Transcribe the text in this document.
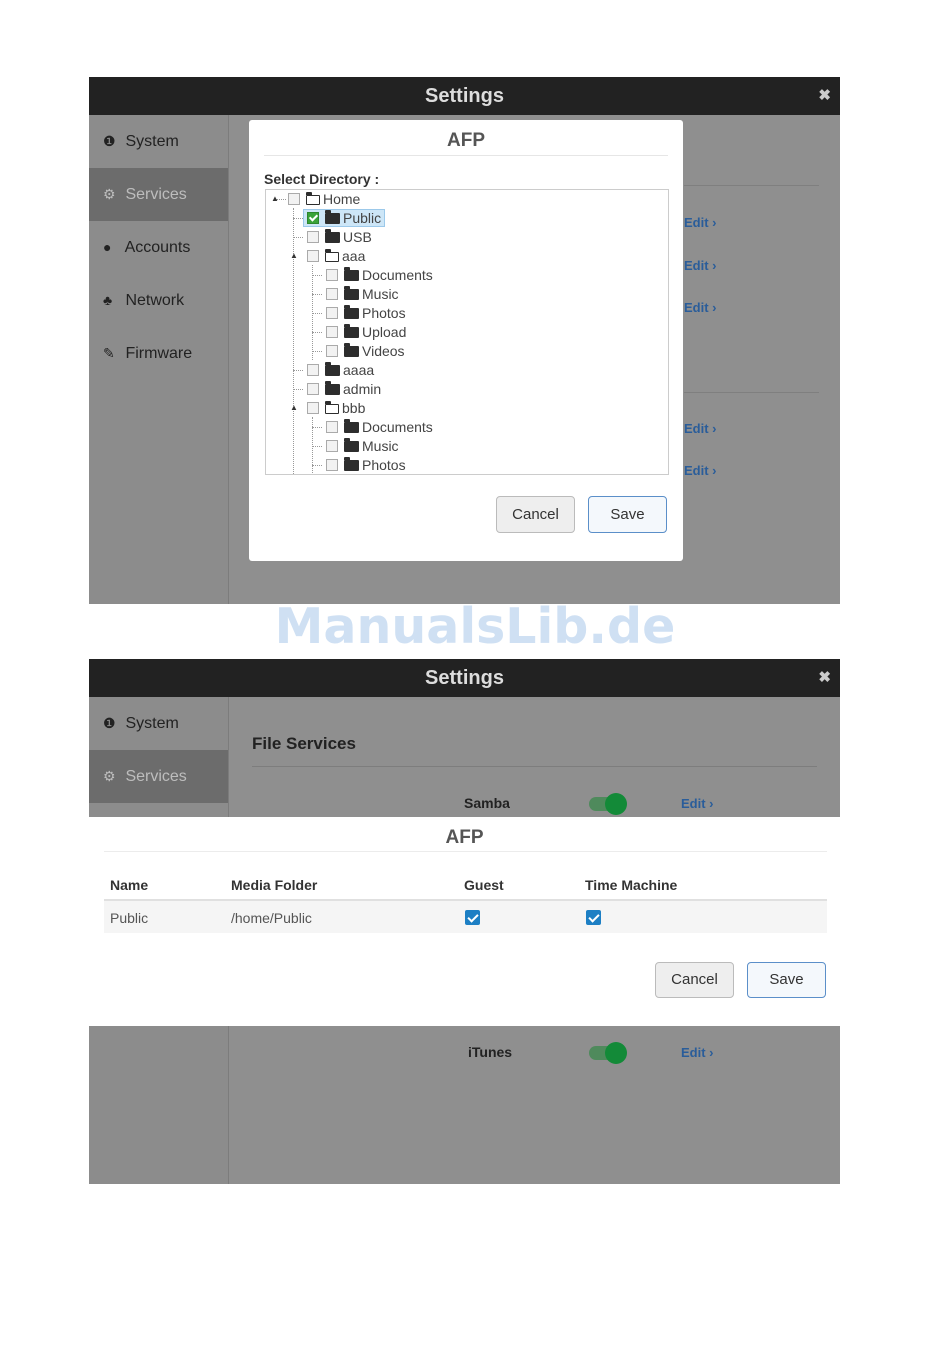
Settings	✖
❶ System
⚙ Services
● Accounts
♣ Network
✎ Firmware
Edit ›
Edit ›
Edit ›
Edit ›
Edit ›
AFP
Select Directory :
▲
▲
▲
Home
Public
USB
aaa
Documents
Music
Photos
Upload
Videos
aaaa
admin
bbb
Documents
Music
Photos
Cancel	Save
ManualsLib.de
Settings	✖
❶ System
⚙ Services
File Services
Samba	Edit ›
iTunes	Edit ›
AFP
Name	Media Folder	Guest	Time Machine
Public	/home/Public
Cancel	Save
